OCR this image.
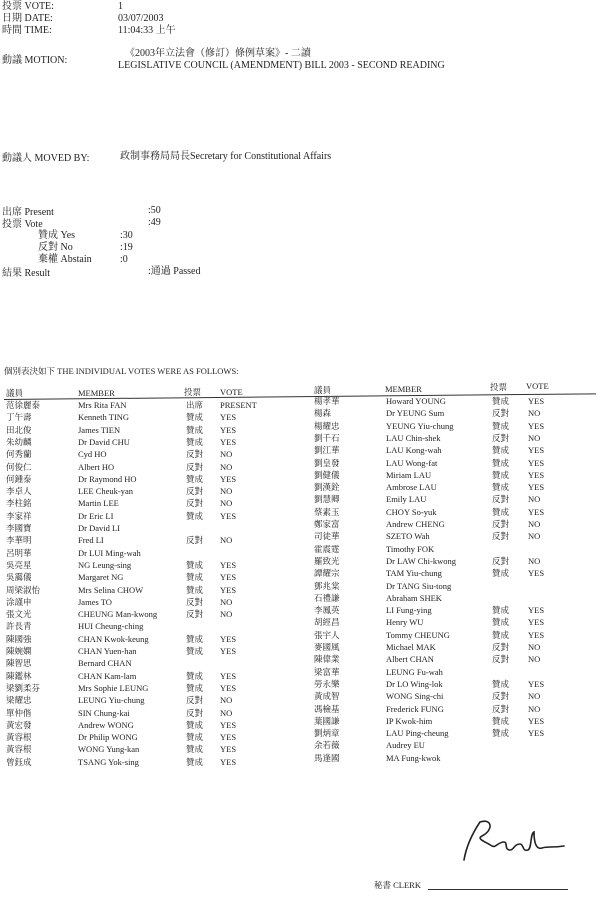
投票 VOTE:	1
日期 DATE:	03/07/2003
時間 TIME:	11:04:33 上午
動議 MOTION:
《2003年立法會（修訂）條例草案》- 二讀
LEGISLATIVE COUNCIL (AMENDMENT) BILL 2003 - SECOND READING
動議人 MOVED BY:	政制事務局局長Secretary for Constitutional Affairs
出席 Present	:50
投票 Vote	:49
贊成 Yes	:30
反對 No	:19
棄權 Abstain	:0
結果 Result	:通過 Passed
個別表決如下 THE INDIVIDUAL VOTES WERE AS FOLLOWS:
議員	MEMBER	投票 VOTE	議員	MEMBER	投票 VOTE
范徐麗泰	Mrs Rita FAN	出席 PRESENT
丁午壽	Kenneth TING	贊成 YES
田北俊	James TIEN	贊成 YES
朱幼麟	Dr David CHU	贊成 YES
何秀蘭	Cyd HO	反對 NO
何俊仁	Albert HO	反對 NO
何鍾泰	Dr Raymond HO	贊成 YES
李卓人	LEE Cheuk-yan	反對 NO
李柱銘	Martin LEE	反對 NO
李家祥	Dr Eric LI	贊成 YES
李國寶	Dr David LI
李華明	Fred LI	反對 NO
呂明華	Dr LUI Ming-wah
吳亮星	NG Leung-sing	贊成 YES
吳靄儀	Margaret NG	贊成 YES
周梁淑怡	Mrs Selina CHOW	贊成 YES
涂謹申	James TO	反對 NO
張文光	CHEUNG Man-kwong	反對 NO
許長青	HUI Cheung-ching
陳國強	CHAN Kwok-keung	贊成 YES
陳婉嫻	CHAN Yuen-han	贊成 YES
陳智思	Bernard CHAN
陳鑑林	CHAN Kam-lam	贊成 YES
梁劉柔芬	Mrs Sophie LEUNG	贊成 YES
梁耀忠	LEUNG Yiu-chung	反對 NO
單仲偕	SIN Chung-kai	反對 NO
黃宏發	Andrew WONG	贊成 YES
黃容根	Dr Philip WONG	贊成 YES
黃容根	WONG Yung-kan	贊成 YES
曾鈺成	TSANG Yok-sing	贊成 YES
楊孝華	Howard YOUNG	贊成 YES
楊森	Dr YEUNG Sum	反對 NO
楊耀忠	YEUNG Yiu-chung	贊成 YES
劉千石	LAU Chin-shek	反對 NO
劉江華	LAU Kong-wah	贊成 YES
劉皇發	LAU Wong-fat	贊成 YES
劉健儀	Miriam LAU	贊成 YES
劉漢銓	Ambrose LAU	贊成 YES
劉慧卿	Emily LAU	反對 NO
蔡素玉	CHOY So-yuk	贊成 YES
鄭家富	Andrew CHENG	反對 NO
司徒華	SZETO Wah	反對 NO
霍震霆	Timothy FOK
羅致光	Dr LAW Chi-kwong	反對 NO
譚耀宗	TAM Yiu-chung	贊成 YES
鄧兆棠	Dr TANG Siu-tong
石禮謙	Abraham SHEK
李鳳英	LI Fung-ying	贊成 YES
胡經昌	Henry WU	贊成 YES
張宇人	Tommy CHEUNG	贊成 YES
麥國風	Michael MAK	反對 NO
陳偉業	Albert CHAN	反對 NO
梁富華	LEUNG Fu-wah
勞永樂	Dr LO Wing-lok	贊成 YES
黃成智	WONG Sing-chi	反對 NO
馮檢基	Frederick FUNG	反對 NO
葉國謙	IP Kwok-him	贊成 YES
劉炳章	LAU Ping-cheung	贊成 YES
余若薇	Audrey EU
馬逢國	MA Fung-kwok
秘書 CLERK
